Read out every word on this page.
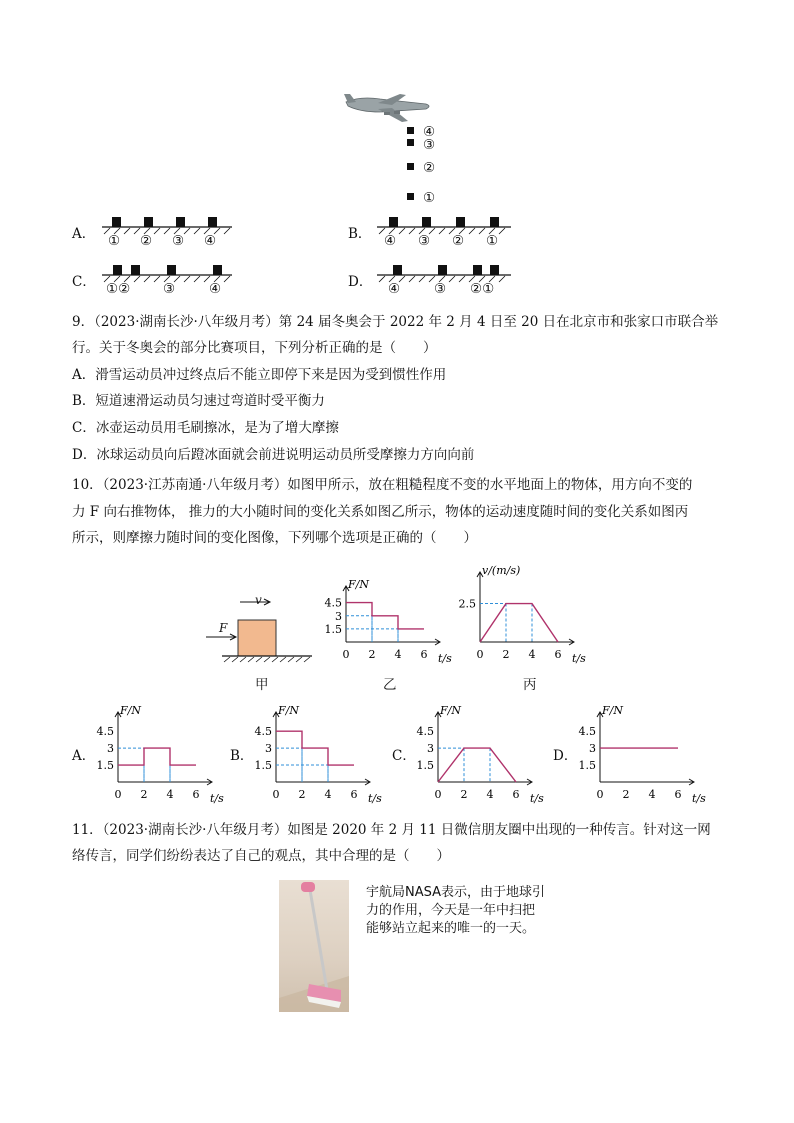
④
③
②
①
A． ① ② ③ ④	B． ④ ③ ② ①
C． ①② ③	④	D． ④	③ ②①
9．（2023·湖南长沙·八年级月考）第 24 届冬奥会于 2022 年 2 月 4 日至 20 日在北京市和张家口市联合举
行。关于冬奥会的部分比赛项目，下列分析正确的是（　　）
A．滑雪运动员冲过终点后不能立即停下来是因为受到惯性作用
B．短道速滑运动员匀速过弯道时受平衡力
C．冰壶运动员用毛刷擦冰，是为了增大摩擦
D．冰球运动员向后蹬冰面就会前进说明运动员所受摩擦力方向向前
10．（2023·江苏南通·八年级月考）如图甲所示，放在粗糙程度不变的水平地面上的物体，用方向不变的
力 F 向右推物体， 推力的大小随时间的变化关系如图乙所示，物体的运动速度随时间的变化关系如图丙
所示，则摩擦力随时间的变化图像，下列哪个选项是正确的（　　）
v
F
甲	乙	丙
F/N
t/s
0 2 4 6
1.5
3
4.5
v/(m/s)
t/s
0 2 4 6
2.5
A．	B．	C．	D．
F/N
t/s
0 2 4 6
1.5
3
4.5
F/N
t/s
0 2 4 6
1.5
3
4.5
F/N
t/s
0 2 4 6
1.5
3
4.5
F/N
t/s
0 2 4 6
1.5
3
4.5
11．（2023·湖南长沙·八年级月考）如图是 2020 年 2 月 11 日微信朋友圈中出现的一种传言。针对这一网
络传言，同学们纷纷表达了自己的观点，其中合理的是（　　）
宇航局NASA表示，由于地球引
力的作用，今天是一年中扫把
能够站立起来的唯一的一天。
